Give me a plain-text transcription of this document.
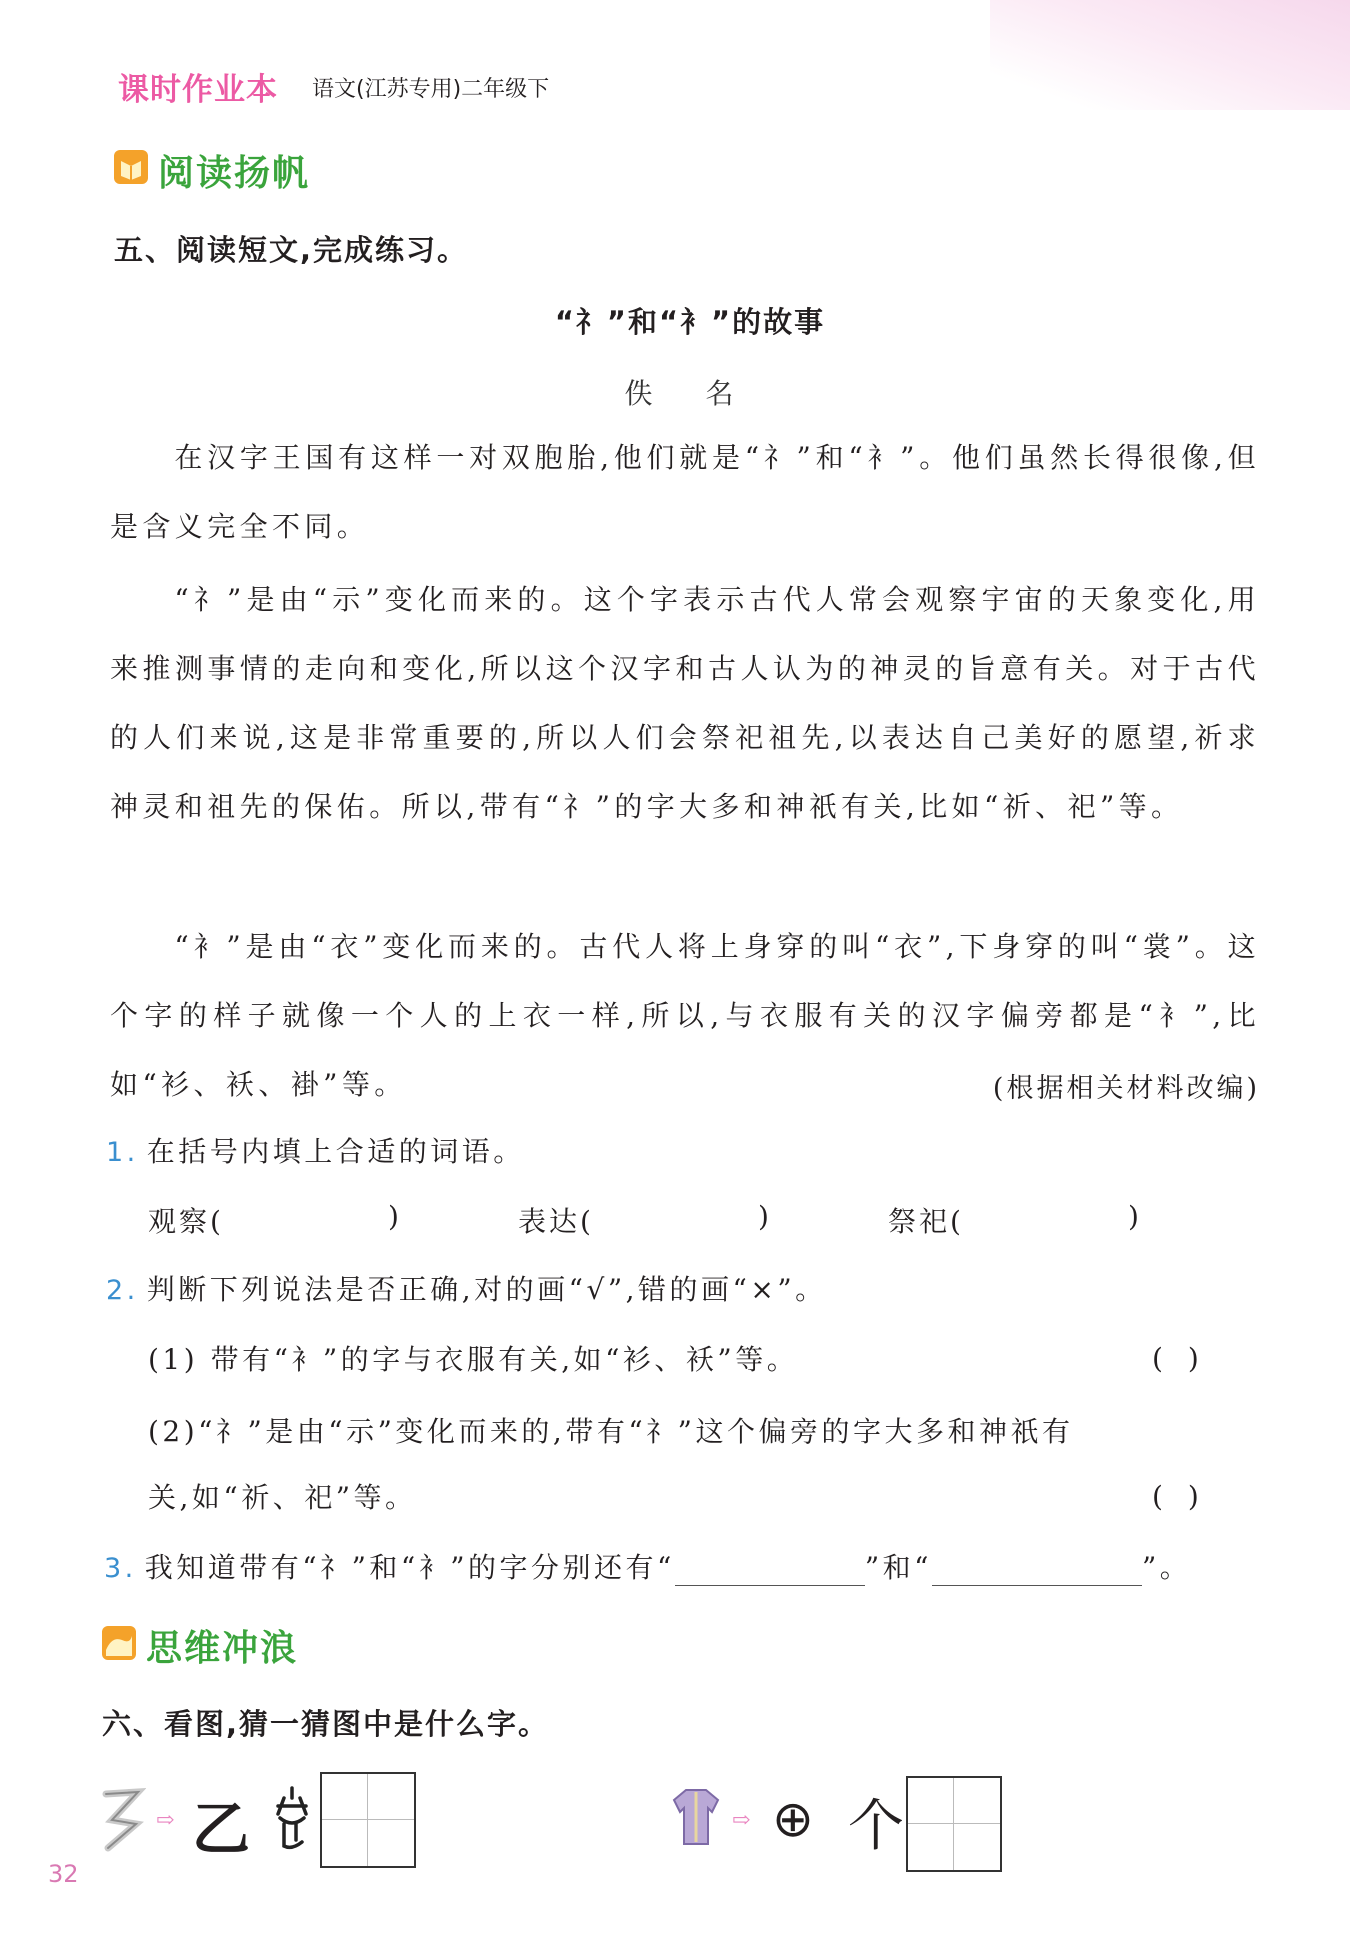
课时作业本 语文(江苏专用)二年级下
阅读扬帆
五、阅读短文,完成练习。
“礻”和“衤”的故事
佚 名
在汉字王国有这样一对双胞胎,他们就是“礻”和“衤”。他们虽然长得很像,但是含义完全不同。
“礻”是由“示”变化而来的。这个字表示古代人常会观察宇宙的天象变化,用来推测事情的走向和变化,所以这个汉字和古人认为的神灵的旨意有关。对于古代的人们来说,这是非常重要的,所以人们会祭祀祖先,以表达自己美好的愿望,祈求神灵和祖先的保佑。所以,带有“礻”的字大多和神祇有关,比如“祈、祀”等。
“衤”是由“衣”变化而来的。古代人将上身穿的叫“衣”,下身穿的叫“裳”。这个字的样子就像一个人的上衣一样,所以,与衣服有关的汉字偏旁都是“衤”,比如“衫、袄、褂”等。	(根据相关材料改编)
1. 在括号内填上合适的词语。
观察(	)	表达(	)	祭祀(	)
2. 判断下列说法是否正确,对的画“√”,错的画“×”。
(1) 带有“衤”的字与衣服有关,如“衫、袄”等。	( )
(2)“礻”是由“示”变化而来的,带有“礻”这个偏旁的字大多和神祇有
关,如“祈、祀”等。	( )
3. 我知道带有“礻”和“衤”的字分别还有“	”和“	”。
思维冲浪
六、看图,猜一猜图中是什么字。
⇨ 乙	⇨ ⊕ 个
32
